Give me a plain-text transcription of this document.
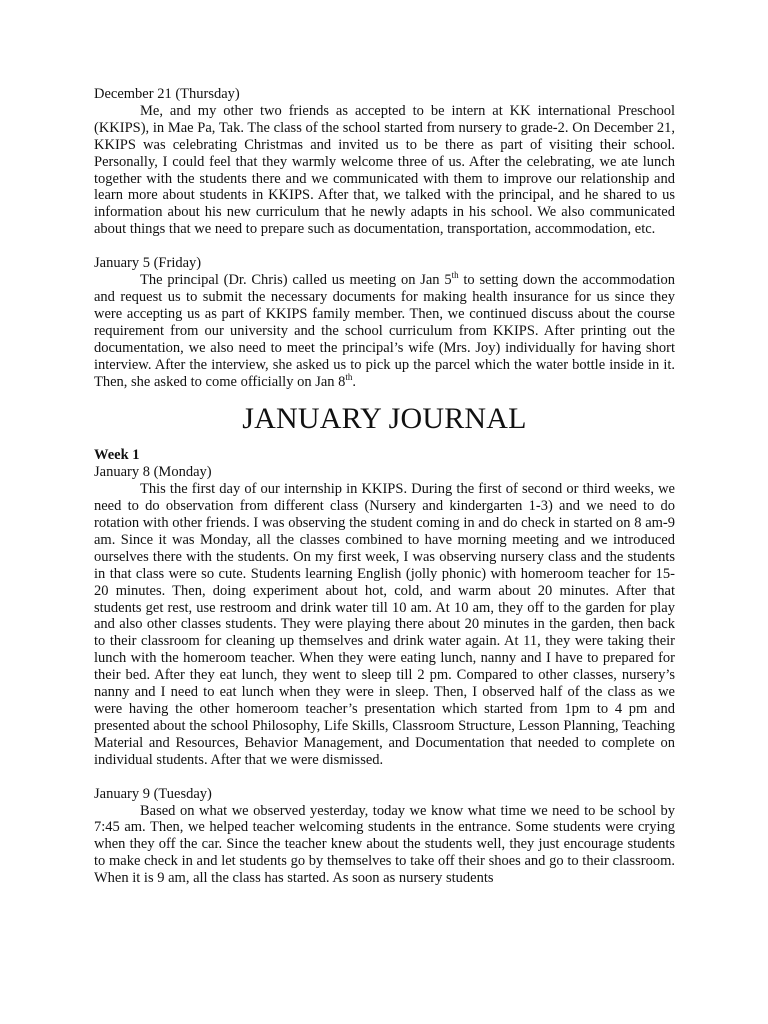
December 21 (Thursday)

Me, and my other two friends as accepted to be intern at KK international Preschool (KKIPS), in Mae Pa, Tak. The class of the school started from nursery to grade-2. On December 21, KKIPS was celebrating Christmas and invited us to be there as part of visiting their school. Personally, I could feel that they warmly welcome three of us. After the celebrating, we ate lunch together with the students there and we communicated with them to improve our relationship and learn more about students in KKIPS. After that, we talked with the principal, and he shared to us information about his new curriculum that he newly adapts in his school. We also communicated about things that we need to prepare such as documentation, transportation, accommodation, etc.

January 5 (Friday)

The principal (Dr. Chris) called us meeting on Jan 5th to setting down the accommodation and request us to submit the necessary documents for making health insurance for us since they were accepting us as part of KKIPS family member. Then, we continued discuss about the course requirement from our university and the school curriculum from KKIPS. After printing out the documentation, we also need to meet the principal’s wife (Mrs. Joy) individually for having short interview. After the interview, she asked us to pick up the parcel which the water bottle inside in it. Then, she asked to come officially on Jan 8th.

JANUARY JOURNAL

Week 1

January 8 (Monday)

This the first day of our internship in KKIPS. During the first of second or third weeks, we need to do observation from different class (Nursery and kindergarten 1-3) and we need to do rotation with other friends. I was observing the student coming in and do check in started on 8 am-9 am. Since it was Monday, all the classes combined to have morning meeting and we introduced ourselves there with the students. On my first week, I was observing nursery class and the students in that class were so cute. Students learning English (jolly phonic) with homeroom teacher for 15-20 minutes. Then, doing experiment about hot, cold, and warm about 20 minutes. After that students get rest, use restroom and drink water till 10 am. At 10 am, they off to the garden for play and also other classes students. They were playing there about 20 minutes in the garden, then back to their classroom for cleaning up themselves and drink water again. At 11, they were taking their lunch with the homeroom teacher. When they were eating lunch, nanny and I have to prepared for their bed. After they eat lunch, they went to sleep till 2 pm. Compared to other classes, nursery’s nanny and I need to eat lunch when they were in sleep. Then, I observed half of the class as we were having the other homeroom teacher’s presentation which started from 1pm to 4 pm and presented about the school Philosophy, Life Skills, Classroom Structure, Lesson Planning, Teaching Material and Resources, Behavior Management, and Documentation that needed to complete on individual students. After that we were dismissed.

January 9 (Tuesday)

Based on what we observed yesterday, today we know what time we need to be school by 7:45 am. Then, we helped teacher welcoming students in the entrance. Some students were crying when they off the car. Since the teacher knew about the students well, they just encourage students to make check in and let students go by themselves to take off their shoes and go to their classroom. When it is 9 am, all the class has started. As soon as nursery students
